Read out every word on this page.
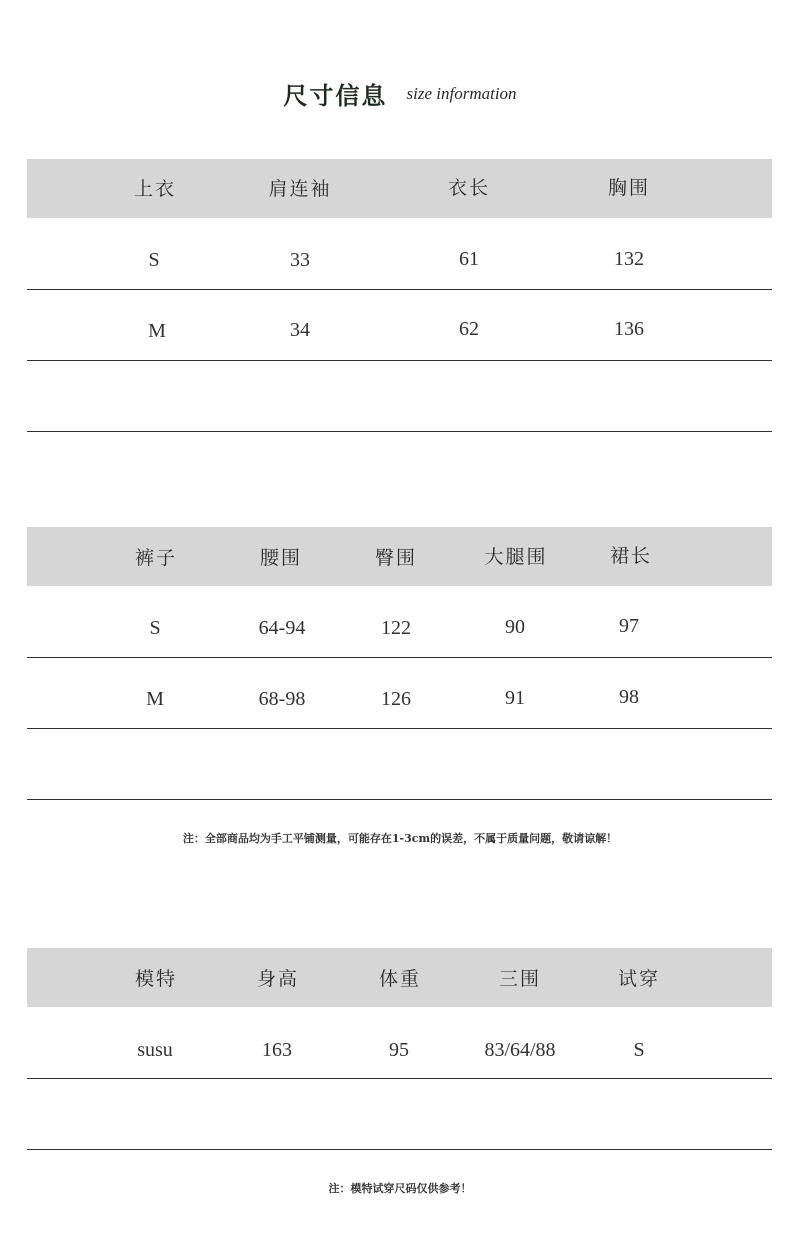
尺寸信息 size information
上衣	肩连袖	衣长	胸围
S	33	61	132
M	34	62	136
裤子	腰围	臀围	大腿围	裙长
S	64-94	122	90	97
M	68-98	126	91	98
注：全部商品均为手工平铺测量，可能存在1-3cm的误差，不属于质量问题，敬请谅解！
模特	身高	体重	三围	试穿
susu	163	95	83/64/88	S
注：模特试穿尺码仅供参考！
